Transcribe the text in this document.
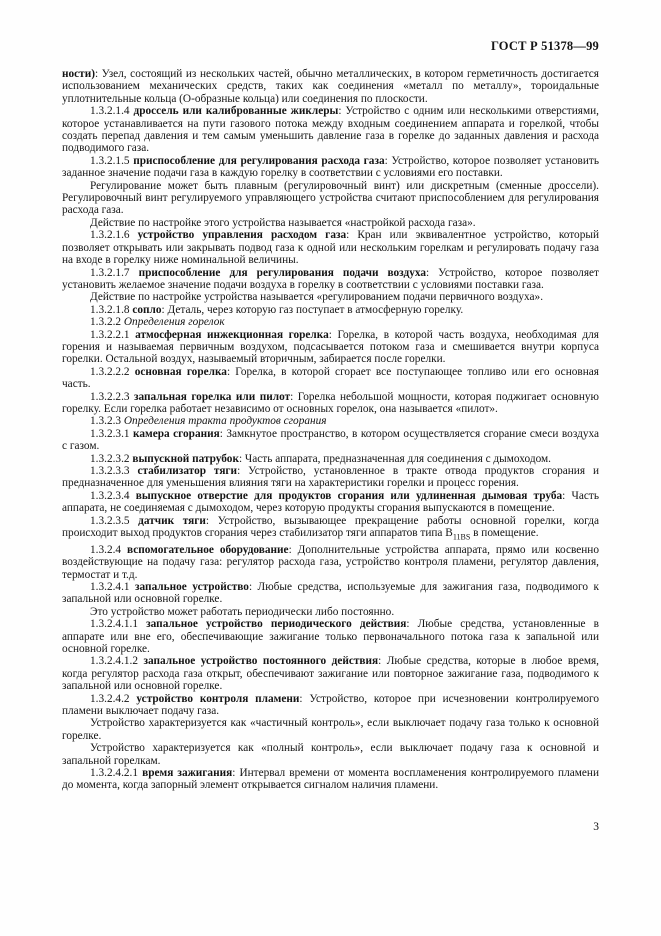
ГОСТ Р 51378—99

ности): Узел, состоящий из нескольких частей, обычно металлических, в котором герметичность достигается использованием механических средств, таких как соединения «металл по металлу», тороидальные уплотнительные кольца (О-образные кольца) или соединения по плоскости.

1.3.2.1.4 дроссель или калиброванные жиклеры: Устройство с одним или несколькими отверстиями, которое устанавливается на пути газового потока между входным соединением аппарата и горелкой, чтобы создать перепад давления и тем самым уменьшить давление газа в горелке до заданных давления и расхода подводимого газа.

1.3.2.1.5 приспособление для регулирования расхода газа: Устройство, которое позволяет установить заданное значение подачи газа в каждую горелку в соответствии с условиями его поставки.

Регулирование может быть плавным (регулировочный винт) или дискретным (сменные дроссели). Регулировочный винт регулируемого управляющего устройства считают приспособлением для регулирования расхода газа.

Действие по настройке этого устройства называется «настройкой расхода газа».

1.3.2.1.6 устройство управления расходом газа: Кран или эквивалентное устройство, который позволяет открывать или закрывать подвод газа к одной или нескольким горелкам и регулировать подачу газа на входе в горелку ниже номинальной величины.

1.3.2.1.7 приспособление для регулирования подачи воздуха: Устройство, которое позволяет установить желаемое значение подачи воздуха в горелку в соответствии с условиями поставки газа.

Действие по настройке устройства называется «регулированием подачи первичного воздуха».

1.3.2.1.8 сопло: Деталь, через которую газ поступает в атмосферную горелку.

1.3.2.2 Определения горелок

1.3.2.2.1 атмосферная инжекционная горелка: Горелка, в которой часть воздуха, необходимая для горения и называемая первичным воздухом, подсасывается потоком газа и смешивается внутри корпуса горелки. Остальной воздух, называемый вторичным, забирается после горелки.

1.3.2.2.2 основная горелка: Горелка, в которой сгорает все поступающее топливо или его основная часть.

1.3.2.2.3 запальная горелка или пилот: Горелка небольшой мощности, которая поджигает основную горелку. Если горелка работает независимо от основных горелок, она называется «пилот».

1.3.2.3 Определения тракта продуктов сгорания

1.3.2.3.1 камера сгорания: Замкнутое пространство, в котором осуществляется сгорание смеси воздуха с газом.

1.3.2.3.2 выпускной патрубок: Часть аппарата, предназначенная для соединения с дымоходом.

1.3.2.3.3 стабилизатор тяги: Устройство, установленное в тракте отвода продуктов сгорания и предназначенное для уменьшения влияния тяги на характеристики горелки и процесс горения.

1.3.2.3.4 выпускное отверстие для продуктов сгорания или удлиненная дымовая труба: Часть аппарата, не соединяемая с дымоходом, через которую продукты сгорания выпускаются в помещение.

1.3.2.3.5 датчик тяги: Устройство, вызывающее прекращение работы основной горелки, когда происходит выход продуктов сгорания через стабилизатор тяги аппаратов типа $В_{11BS}$ в помещение.

1.3.2.4 вспомогательное оборудование: Дополнительные устройства аппарата, прямо или косвенно воздействующие на подачу газа: регулятор расхода газа, устройство контроля пламени, регулятор давления, термостат и т.д.

1.3.2.4.1 запальное устройство: Любые средства, используемые для зажигания газа, подводимого к запальной или основной горелке.

Это устройство может работать периодически либо постоянно.

1.3.2.4.1.1 запальное устройство периодического действия: Любые средства, установленные в аппарате или вне его, обеспечивающие зажигание только первоначального потока газа к запальной или основной горелке.

1.3.2.4.1.2 запальное устройство постоянного действия: Любые средства, которые в любое время, когда регулятор расхода газа открыт, обеспечивают зажигание или повторное зажигание газа, подводимого к запальной или основной горелке.

1.3.2.4.2 устройство контроля пламени: Устройство, которое при исчезновении контролируемого пламени выключает подачу газа.

Устройство характеризуется как «частичный контроль», если выключает подачу газа только к основной горелке.

Устройство характеризуется как «полный контроль», если выключает подачу газа к основной и запальной горелкам.

1.3.2.4.2.1 время зажигания: Интервал времени от момента воспламенения контролируемого пламени до момента, когда запорный элемент открывается сигналом наличия пламени.

3
